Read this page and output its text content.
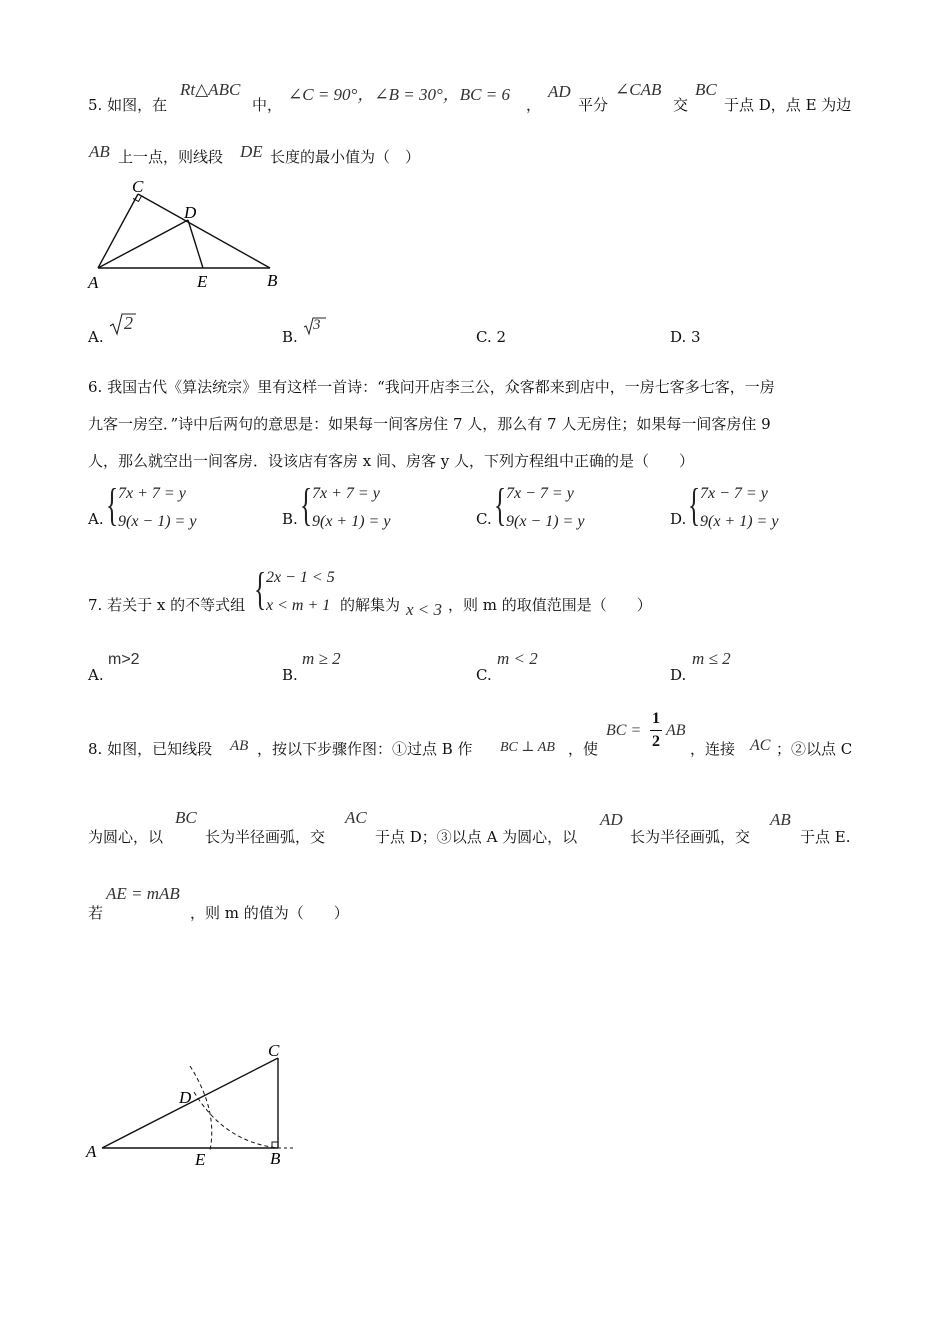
5. 如图，在
Rt△ABC
中，
∠C = 90°，∠B = 30°，BC = 6
，
AD
平分
∠CAB
交
BC
于点 D，点 E 为边
AB 上一点，则线段 DE 长度的最小值为（　）
C
D
A	E	B
A.
2
B.
3
C. 2	D. 3
6. 我国古代《算法统宗》里有这样一首诗：“我问开店李三公，众客都来到店中，一房七客多七客，一房
九客一房空．”诗中后两句的意思是：如果每一间客房住 7 人，那么有 7 人无房住；如果每一间客房住 9
人，那么就空出一间客房．设该店有客房 x 间、房客 y 人，下列方程组中正确的是（　　）
A. { 7x + 7 = y
9(x − 1) = y	B. { 7x + 7 = y
9(x + 1) = y	C. { 7x − 7 = y
9(x − 1) = y	D. { 7x − 7 = y
9(x + 1) = y
7. 若关于 x 的不等式组 { 2x − 1 < 5
x < m + 1 的解集为 x < 3 ，则 m 的取值范围是（　　）
A.
m>2
B.
m ≥ 2
C.
m < 2
D.
m ≤ 2
8. 如图，已知线段 AB ，按以下步骤作图：①过点 B 作 BC ⊥ AB ，使
BC =
1
2
AB
，连接 AC ；②以点 C
为圆心，以
BC
长为半径画弧，交
AC
于点 D；③以点 A 为圆心，以
AD
长为半径画弧，交
AB
于点 E.
若
AE = mAB
，则 m 的值为（　　）
C
D
A	E	B
